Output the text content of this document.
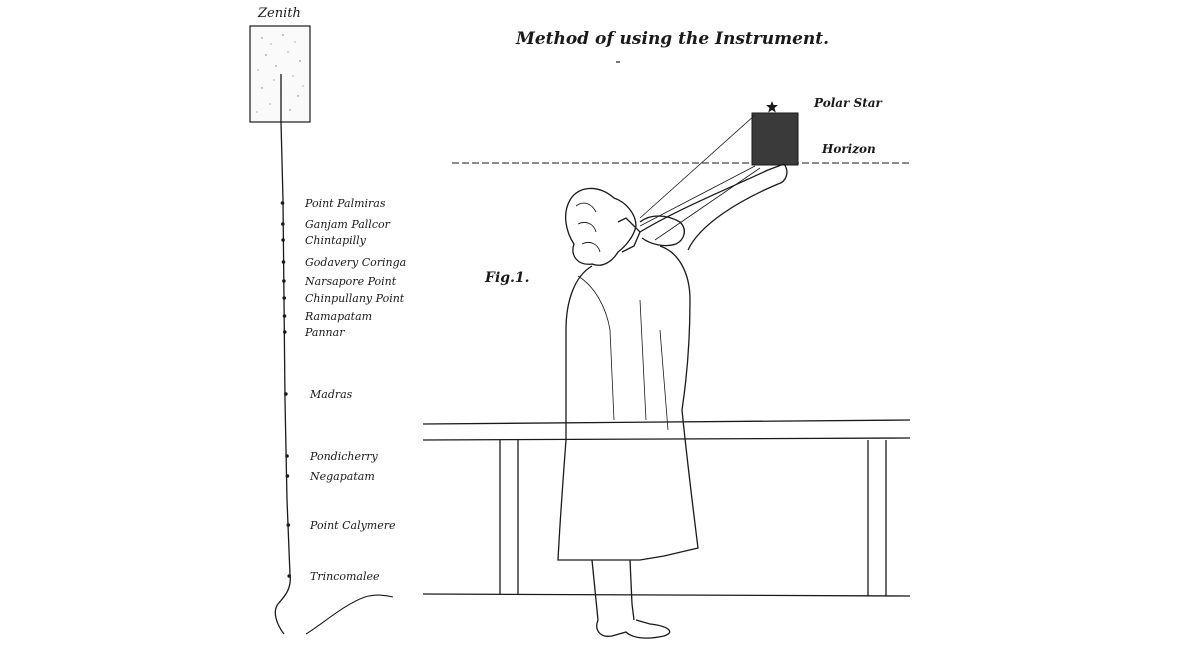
Zenith
Point Palmiras
Ganjam Pallcor
Chintapilly
Godavery Coringa
Narsapore Point
Chinpullany Point
Ramapatam
Pannar
Madras
Pondicherry
Negapatam
Point Calymere
Trincomalee
Method of using the Instrument.
Polar Star
Horizon
Fig.1.
